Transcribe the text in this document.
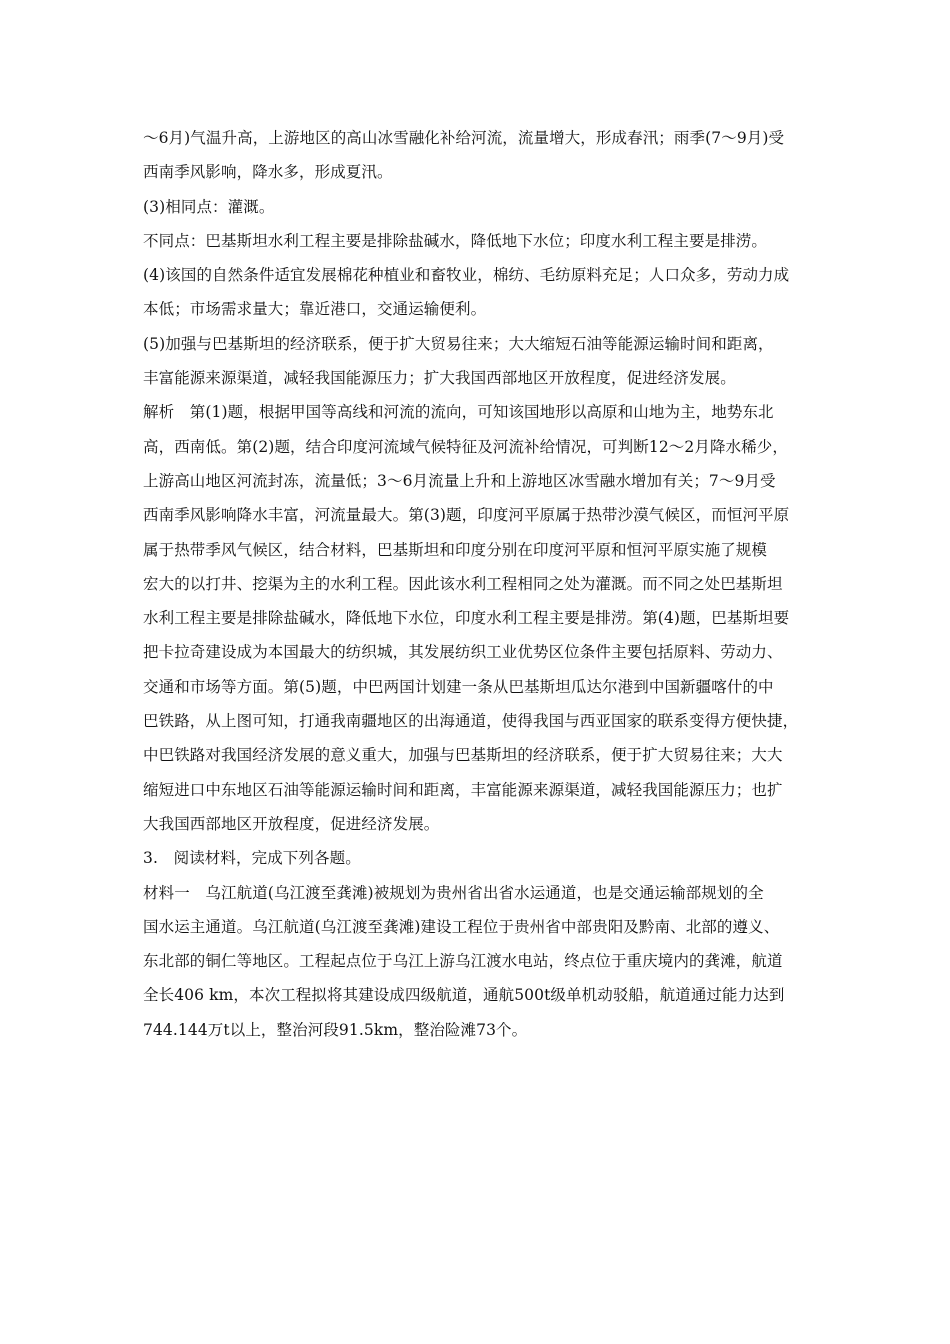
～6月)气温升高，上游地区的高山冰雪融化补给河流，流量增大，形成春汛；雨季(7～9月)受
西南季风影响，降水多，形成夏汛。
(3)相同点：灌溉。
不同点：巴基斯坦水利工程主要是排除盐碱水，降低地下水位；印度水利工程主要是排涝。
(4)该国的自然条件适宜发展棉花种植业和畜牧业，棉纺、毛纺原料充足；人口众多，劳动力成
本低；市场需求量大；靠近港口，交通运输便利。
(5)加强与巴基斯坦的经济联系，便于扩大贸易往来；大大缩短石油等能源运输时间和距离，
丰富能源来源渠道，减轻我国能源压力；扩大我国西部地区开放程度，促进经济发展。
解析　第(1)题，根据甲国等高线和河流的流向，可知该国地形以高原和山地为主，地势东北
高，西南低。第(2)题，结合印度河流域气候特征及河流补给情况，可判断12～2月降水稀少，
上游高山地区河流封冻，流量低；3～6月流量上升和上游地区冰雪融水增加有关；7～9月受
西南季风影响降水丰富，河流量最大。第(3)题，印度河平原属于热带沙漠气候区，而恒河平原
属于热带季风气候区，结合材料，巴基斯坦和印度分别在印度河平原和恒河平原实施了规模
宏大的以打井、挖渠为主的水利工程。因此该水利工程相同之处为灌溉。而不同之处巴基斯坦
水利工程主要是排除盐碱水，降低地下水位，印度水利工程主要是排涝。第(4)题，巴基斯坦要
把卡拉奇建设成为本国最大的纺织城，其发展纺织工业优势区位条件主要包括原料、劳动力、
交通和市场等方面。第(5)题，中巴两国计划建一条从巴基斯坦瓜达尔港到中国新疆喀什的中
巴铁路，从上图可知，打通我南疆地区的出海通道，使得我国与西亚国家的联系变得方便快捷，
中巴铁路对我国经济发展的意义重大，加强与巴基斯坦的经济联系，便于扩大贸易往来；大大
缩短进口中东地区石油等能源运输时间和距离，丰富能源来源渠道，减轻我国能源压力；也扩
大我国西部地区开放程度，促进经济发展。
3.　阅读材料，完成下列各题。
材料一　乌江航道(乌江渡至龚滩)被规划为贵州省出省水运通道，也是交通运输部规划的全
国水运主通道。乌江航道(乌江渡至龚滩)建设工程位于贵州省中部贵阳及黔南、北部的遵义、
东北部的铜仁等地区。工程起点位于乌江上游乌江渡水电站，终点位于重庆境内的龚滩，航道
全长406 km，本次工程拟将其建设成四级航道，通航500t级单机动驳船，航道通过能力达到
744.144万t以上，整治河段91.5km，整治险滩73个。
